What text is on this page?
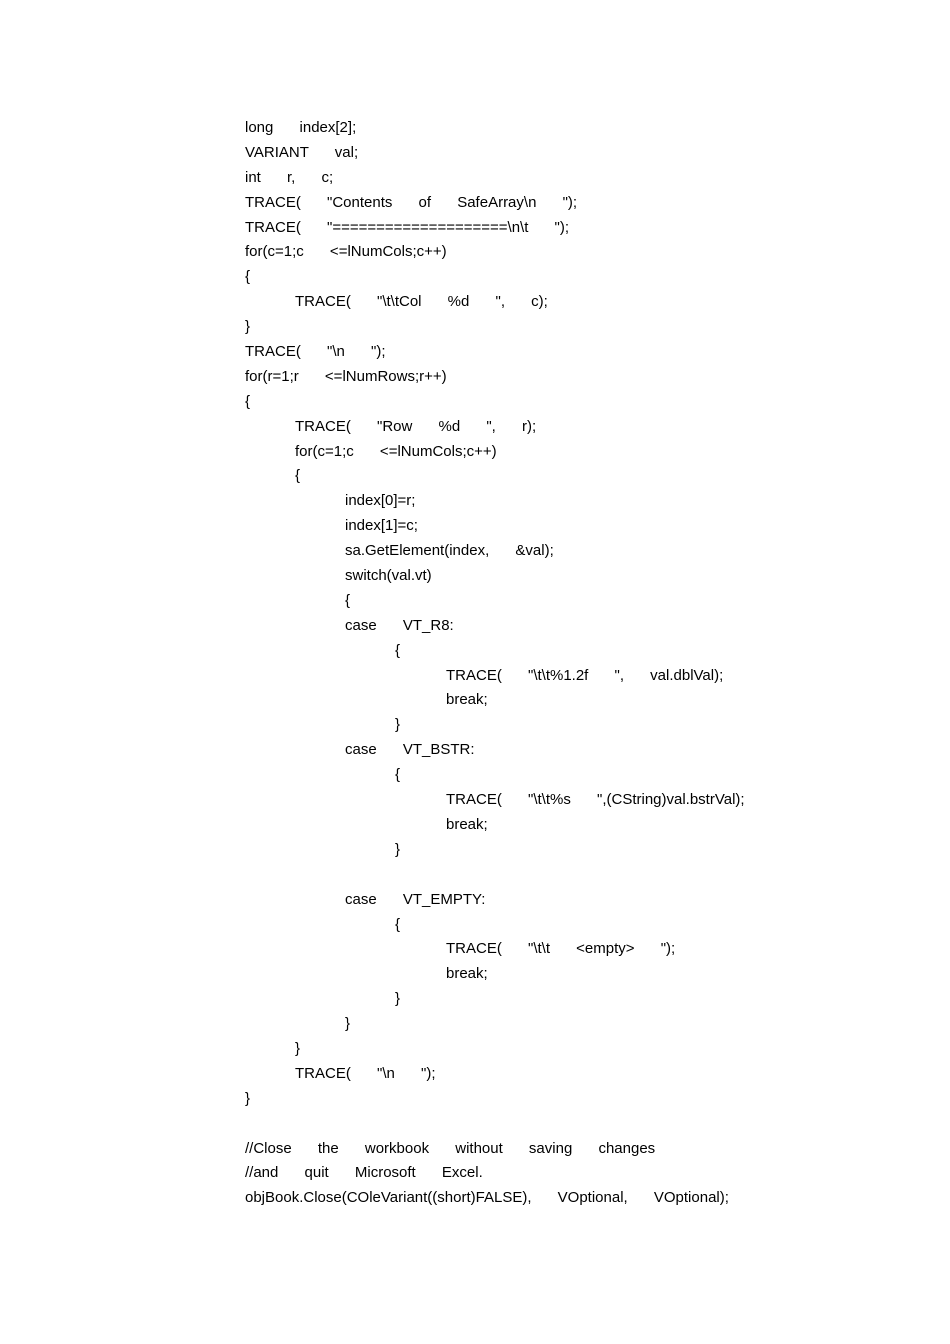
long index[2];
VARIANT val;
int r, c;
TRACE( "Contents of SafeArray\n ");
TRACE( "====================\n\t ");
for(c=1;c <=lNumCols;c++)
{
TRACE( "\t\tCol %d ", c);
}
TRACE( "\n ");
for(r=1;r <=lNumRows;r++)
{
TRACE( "Row %d ", r);
for(c=1;c <=lNumCols;c++)
{
index[0]=r;
index[1]=c;
sa.GetElement(index, &val);
switch(val.vt)
{
case VT_R8:
{
TRACE( "\t\t%1.2f ", val.dblVal);
break;
}
case VT_BSTR:
{
TRACE( "\t\t%s ",(CString)val.bstrVal);
break;
}
case VT_EMPTY:
{
TRACE( "\t\t <empty> ");
break;
}
}
}
TRACE( "\n ");
}
//Close the workbook without saving changes
//and quit Microsoft Excel.
objBook.Close(COleVariant((short)FALSE), VOptional, VOptional);
